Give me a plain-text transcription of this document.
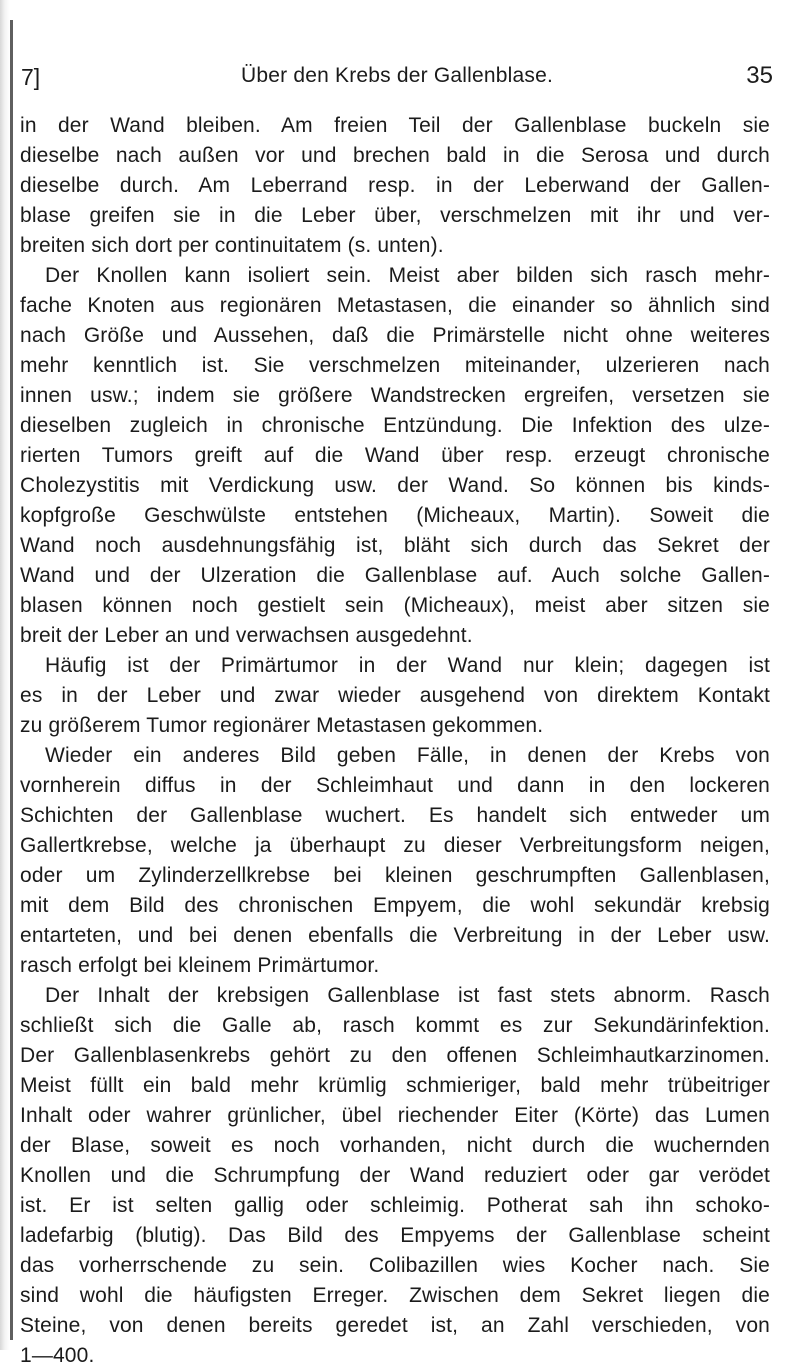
7]	Über den Krebs der Gallenblase.	35
in der Wand bleiben. Am freien Teil der Gallenblase buckeln sie
dieselbe nach außen vor und brechen bald in die Serosa und durch
dieselbe durch. Am Leberrand resp. in der Leberwand der Gallen-
blase greifen sie in die Leber über, verschmelzen mit ihr und ver-
breiten sich dort per continuitatem (s. unten).
Der Knollen kann isoliert sein. Meist aber bilden sich rasch mehr-
fache Knoten aus regionären Metastasen, die einander so ähnlich sind
nach Größe und Aussehen, daß die Primärstelle nicht ohne weiteres
mehr kenntlich ist. Sie verschmelzen miteinander, ulzerieren nach
innen usw.; indem sie größere Wandstrecken ergreifen, versetzen sie
dieselben zugleich in chronische Entzündung. Die Infektion des ulze-
rierten Tumors greift auf die Wand über resp. erzeugt chronische
Cholezystitis mit Verdickung usw. der Wand. So können bis kinds-
kopfgroße Geschwülste entstehen (Micheaux, Martin). Soweit die
Wand noch ausdehnungsfähig ist, bläht sich durch das Sekret der
Wand und der Ulzeration die Gallenblase auf. Auch solche Gallen-
blasen können noch gestielt sein (Micheaux), meist aber sitzen sie
breit der Leber an und verwachsen ausgedehnt.
Häufig ist der Primärtumor in der Wand nur klein; dagegen ist
es in der Leber und zwar wieder ausgehend von direktem Kontakt
zu größerem Tumor regionärer Metastasen gekommen.
Wieder ein anderes Bild geben Fälle, in denen der Krebs von
vornherein diffus in der Schleimhaut und dann in den lockeren
Schichten der Gallenblase wuchert. Es handelt sich entweder um
Gallertkrebse, welche ja überhaupt zu dieser Verbreitungsform neigen,
oder um Zylinderzellkrebse bei kleinen geschrumpften Gallenblasen,
mit dem Bild des chronischen Empyem, die wohl sekundär krebsig
entarteten, und bei denen ebenfalls die Verbreitung in der Leber usw.
rasch erfolgt bei kleinem Primärtumor.
Der Inhalt der krebsigen Gallenblase ist fast stets abnorm. Rasch
schließt sich die Galle ab, rasch kommt es zur Sekundärinfektion.
Der Gallenblasenkrebs gehört zu den offenen Schleimhautkarzinomen.
Meist füllt ein bald mehr krümlig schmieriger, bald mehr trübeitriger
Inhalt oder wahrer grünlicher, übel riechender Eiter (Körte) das Lumen
der Blase, soweit es noch vorhanden, nicht durch die wuchernden
Knollen und die Schrumpfung der Wand reduziert oder gar verödet
ist. Er ist selten gallig oder schleimig. Potherat sah ihn schoko-
ladefarbig (blutig). Das Bild des Empyems der Gallenblase scheint
das vorherrschende zu sein. Colibazillen wies Kocher nach. Sie
sind wohl die häufigsten Erreger. Zwischen dem Sekret liegen die
Steine, von denen bereits geredet ist, an Zahl verschieden, von
1—400.
